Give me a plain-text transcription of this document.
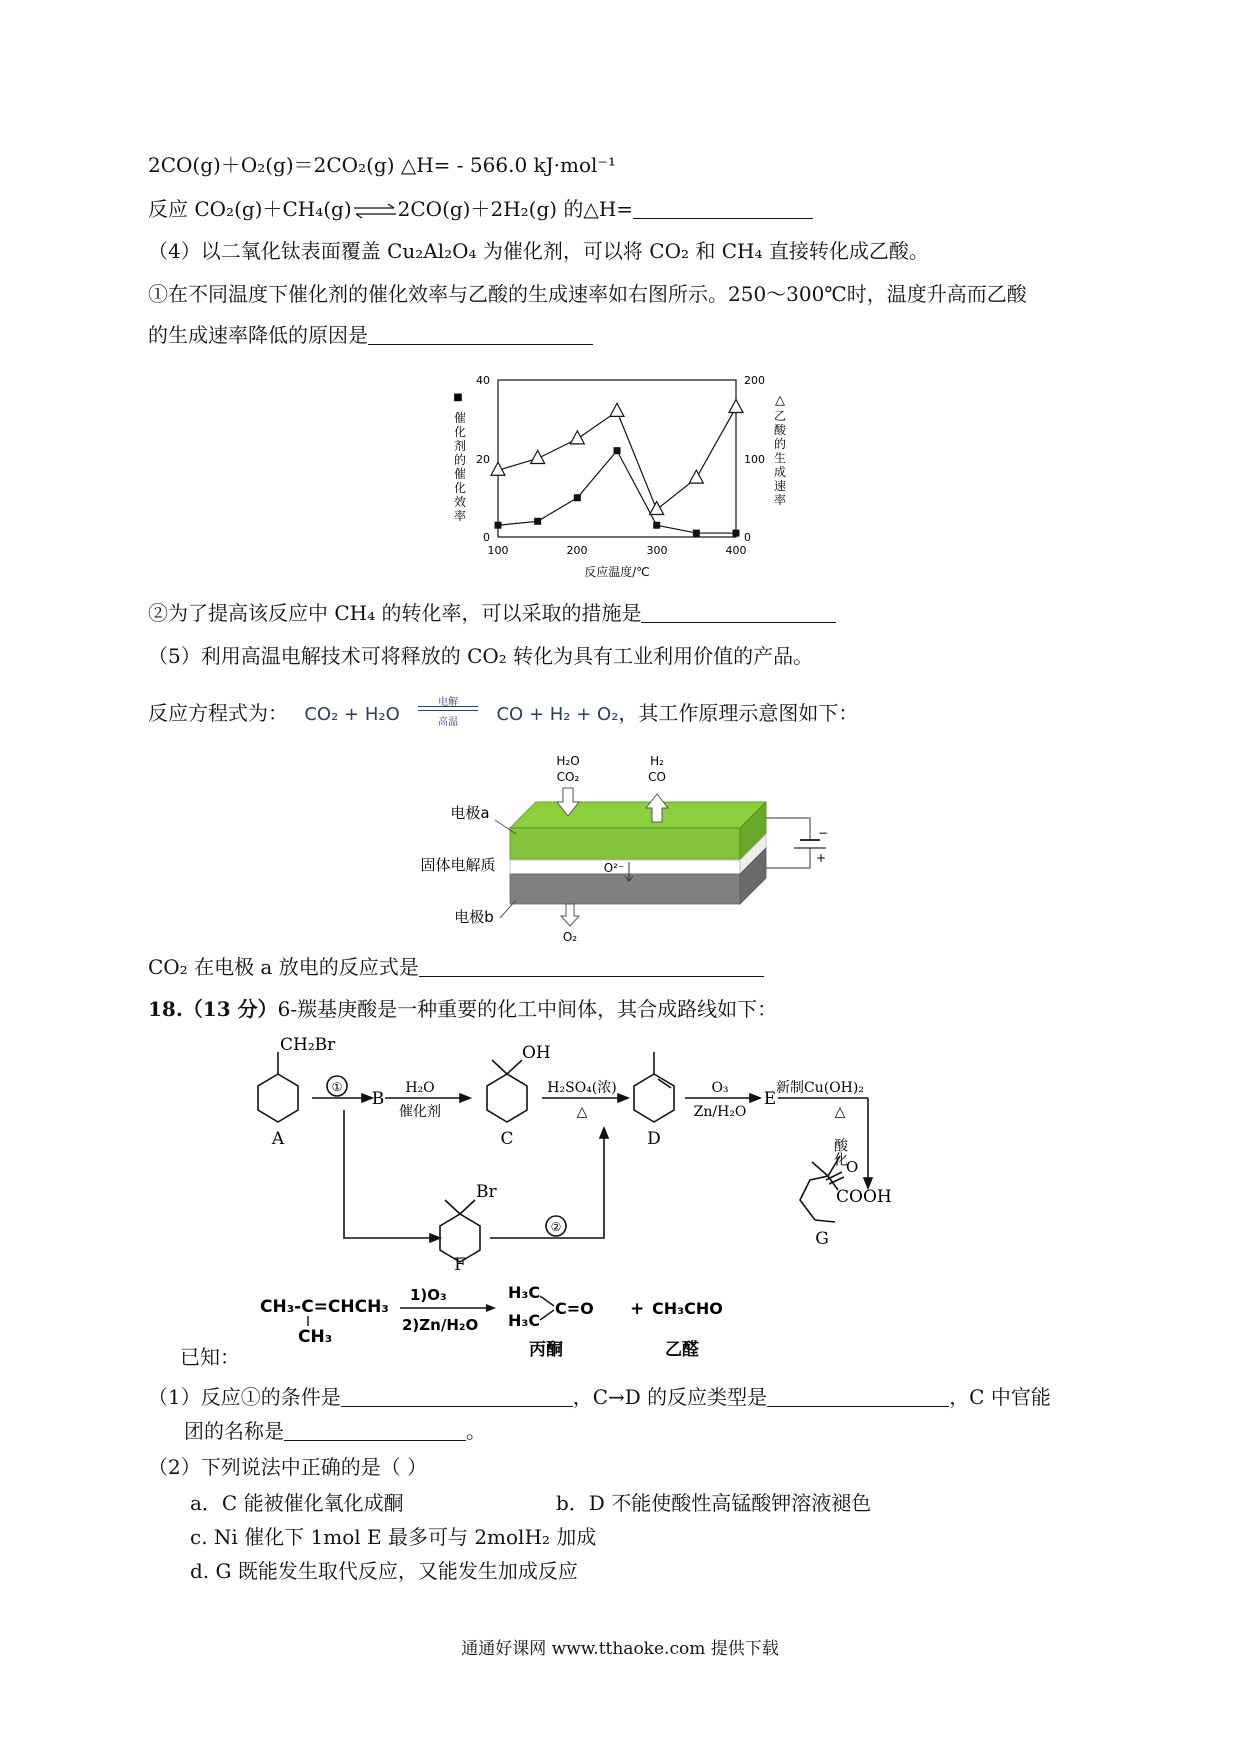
2CO(g)＋O₂(g)＝2CO₂(g) △H= - 566.0 kJ·mol⁻¹
反应 CO₂(g)＋CH₄(g)⇌2CO(g)＋2H₂(g) 的△H=
（4）以二氧化钛表面覆盖 Cu₂Al₂O₄ 为催化剂，可以将 CO₂ 和 CH₄ 直接转化成乙酸。
①在不同温度下催化剂的催化效率与乙酸的生成速率如右图所示。250～300℃时，温度升高而乙酸
的生成速率降低的原因是
40
20
0
200
100
0
100	200	300	400
反应温度/℃
■
催
化
剂
的
催
化
效
率
△
乙
酸
的
生
成
速
率
②为了提高该反应中 CH₄ 的转化率，可以采取的措施是
（5）利用高温电解技术可将释放的 CO₂ 转化为具有工业利用价值的产品。
反应方程式为： CO₂ + H₂O
电解
高温	CO + H₂ + O₂，其工作原理示意图如下：
H₂O
CO₂
H₂
CO
电极a
固体电解质
电极b
O²⁻
O₂
−
+
CO₂ 在电极 a 放电的反应式是
18.（13 分）6-羰基庚酸是一种重要的化工中间体，其合成路线如下：
CH₂Br
A
①
B
H₂O
催化剂
OH
C
H₂SO₄(浓)
△
D
O₃
Zn/H₂O
E
新制Cu(OH)₂
△
酸化
O
COOH
G
Br
F
②
CH₃-C=CHCH₃
CH₃
1)O₃
2)Zn/H₂O
H₃C
H₃C
C=O + CH₃CHO
丙酮	乙醛
已知：
（1）反应①的条件是	，C→D 的反应类型是	，C 中官能
团的名称是	。
（2）下列说法中正确的是（ ）
a．C 能被催化氧化成酮	b．D 不能使酸性高锰酸钾溶液褪色
c. Ni 催化下 1mol E 最多可与 2molH₂ 加成
d. G 既能发生取代反应，又能发生加成反应
通通好课网 www.tthaoke.com 提供下载
